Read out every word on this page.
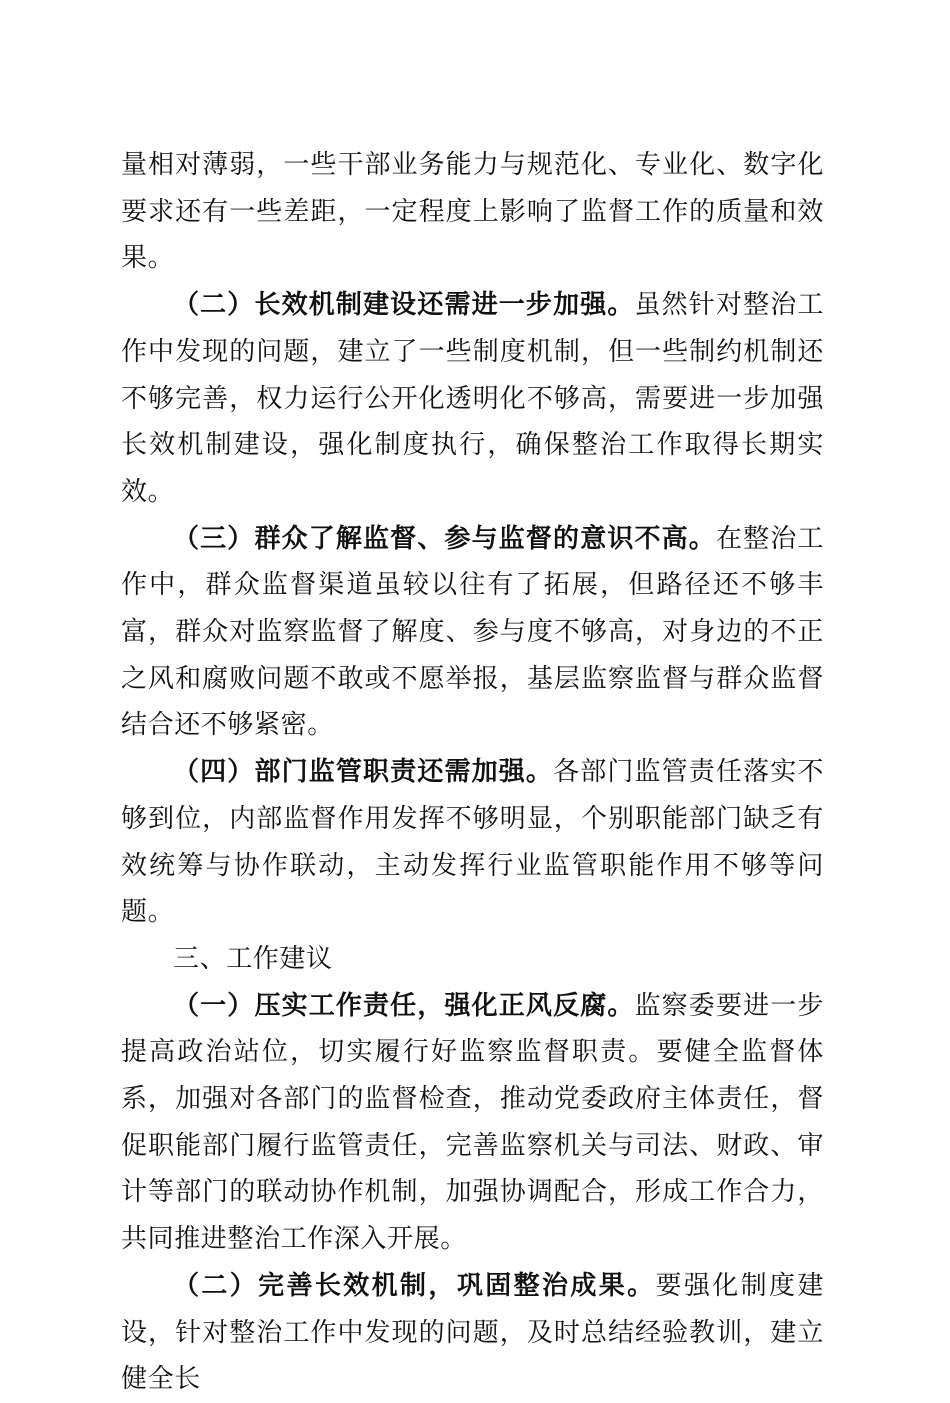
量相对薄弱，一些干部业务能力与规范化、专业化、数字化要求还有一些差距，一定程度上影响了监督工作的质量和效果。

（二）长效机制建设还需进一步加强。虽然针对整治工作中发现的问题，建立了一些制度机制，但一些制约机制还不够完善，权力运行公开化透明化不够高，需要进一步加强长效机制建设，强化制度执行，确保整治工作取得长期实效。

（三）群众了解监督、参与监督的意识不高。在整治工作中，群众监督渠道虽较以往有了拓展，但路径还不够丰富，群众对监察监督了解度、参与度不够高，对身边的不正之风和腐败问题不敢或不愿举报，基层监察监督与群众监督结合还不够紧密。

（四）部门监管职责还需加强。各部门监管责任落实不够到位，内部监督作用发挥不够明显，个别职能部门缺乏有效统筹与协作联动，主动发挥行业监管职能作用不够等问题。

三、工作建议

（一）压实工作责任，强化正风反腐。监察委要进一步提高政治站位，切实履行好监察监督职责。要健全监督体系，加强对各部门的监督检查，推动党委政府主体责任，督促职能部门履行监管责任，完善监察机关与司法、财政、审计等部门的联动协作机制，加强协调配合，形成工作合力，共同推进整治工作深入开展。

（二）完善长效机制，巩固整治成果。要强化制度建设，针对整治工作中发现的问题，及时总结经验教训，建立健全长
